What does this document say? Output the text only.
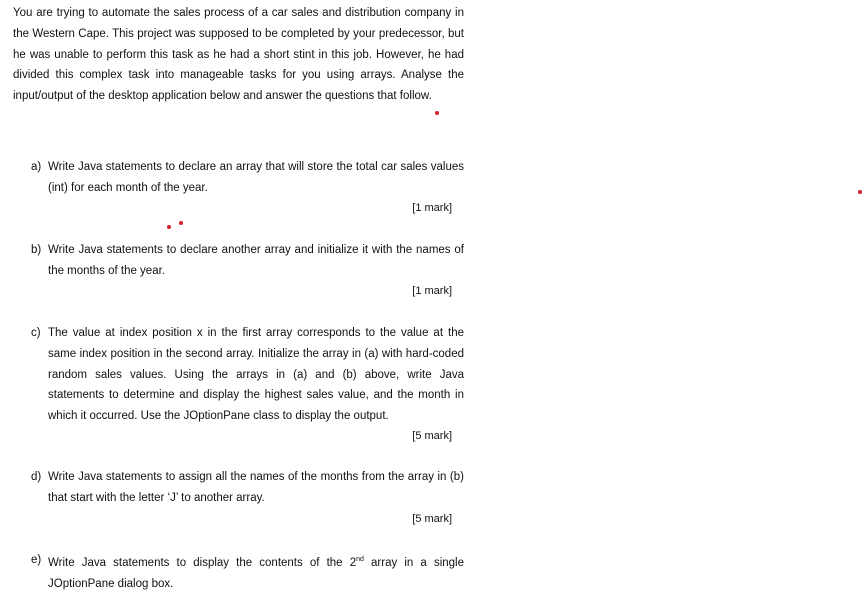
You are trying to automate the sales process of a car sales and distribution company in the Western Cape. This project was supposed to be completed by your predecessor, but he was unable to perform this task as he had a short stint in this job. However, he had divided this complex task into manageable tasks for you using arrays. Analyse the input/output of the desktop application below and answer the questions that follow.

a) Write Java statements to declare an array that will store the total car sales values (int) for each month of the year.
[1 mark]
b) Write Java statements to declare another array and initialize it with the names of the months of the year.
[1 mark]
c) The value at index position x in the first array corresponds to the value at the same index position in the second array. Initialize the array in (a) with hard-coded random sales values. Using the arrays in (a) and (b) above, write Java statements to determine and display the highest sales value, and the month in which it occurred. Use the JOptionPane class to display the output.
[5 mark]
d) Write Java statements to assign all the names of the months from the array in (b) that start with the letter ‘J’ to another array.
[5 mark]
e) Write Java statements to display the contents of the 2nd array in a single JOptionPane dialog box.
